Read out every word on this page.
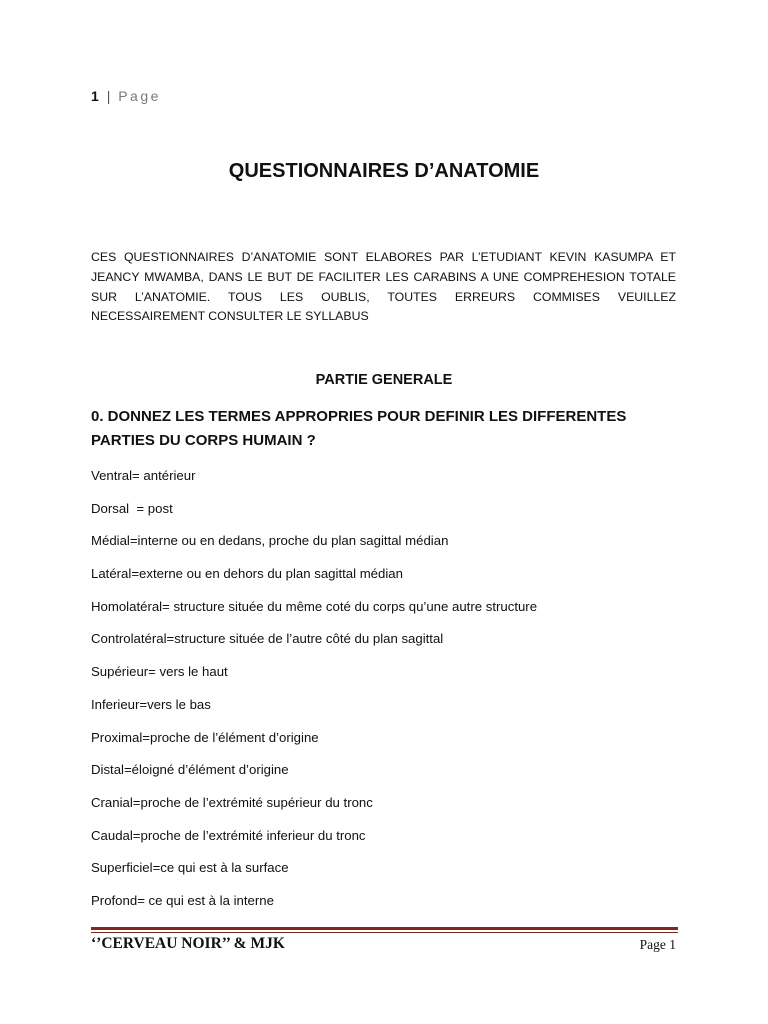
1 | Page
QUESTIONNAIRES D’ANATOMIE
CES QUESTIONNAIRES D’ANATOMIE SONT ELABORES PAR L’ETUDIANT KEVIN KASUMPA ET JEANCY MWAMBA, DANS LE BUT DE FACILITER LES CARABINS A UNE COMPREHESION TOTALE SUR L’ANATOMIE. TOUS LES OUBLIS, TOUTES ERREURS COMMISES VEUILLEZ NECESSAIREMENT CONSULTER LE SYLLABUS
PARTIE GENERALE
0. DONNEZ LES TERMES APPROPRIES POUR DEFINIR LES DIFFERENTES PARTIES DU CORPS HUMAIN ?
Ventral= antérieur
Dorsal  = post
Médial=interne ou en dedans, proche du plan sagittal médian
Latéral=externe ou en dehors du plan sagittal médian
Homolatéral= structure située du même coté du corps qu’une autre structure
Controlatéral=structure située de l’autre côté du plan sagittal
Supérieur= vers le haut
Inferieur=vers le bas
Proximal=proche de l’élément d’origine
Distal=éloigné d’élément d’origine
Cranial=proche de l’extrémité supérieur du tronc
Caudal=proche de l’extrémité inferieur du tronc
Superficiel=ce qui est à la surface
Profond= ce qui est à la interne
‘’CERVEAU NOIR’’ & MJK	Page 1
